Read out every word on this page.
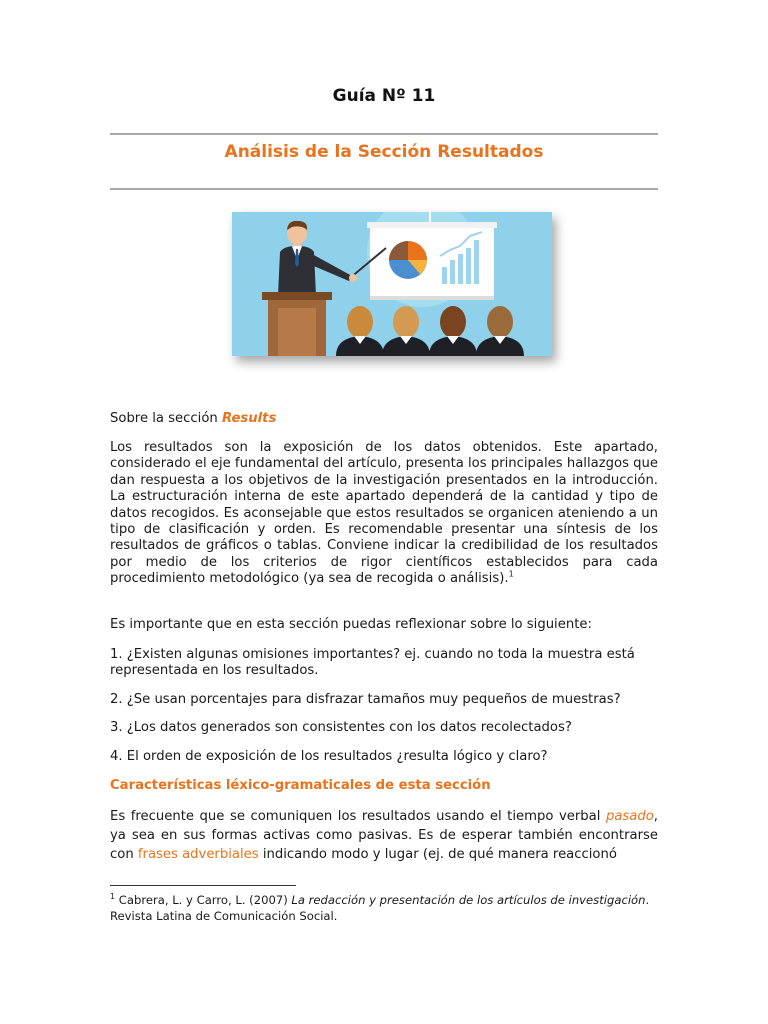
Guía Nº 11
Análisis de la Sección Resultados
Sobre la sección Results
Los resultados son la exposición de los datos obtenidos. Este apartado, considerado el eje fundamental del artículo, presenta los principales hallazgos que dan respuesta a los objetivos de la investigación presentados en la introducción. La estructuración interna de este apartado dependerá de la cantidad y tipo de datos recogidos. Es aconsejable que estos resultados se organicen ateniendo a un tipo de clasificación y orden. Es recomendable presentar una síntesis de los resultados de gráficos o tablas. Conviene indicar la credibilidad de los resultados por medio de los criterios de rigor científicos establecidos para cada procedimiento metodológico (ya sea de recogida o análisis).$^1$
Es importante que en esta sección puedas reflexionar sobre lo siguiente:
1. ¿Existen algunas omisiones importantes? ej. cuando no toda la muestra está representada en los resultados.
2. ¿Se usan porcentajes para disfrazar tamaños muy pequeños de muestras?
3. ¿Los datos generados son consistentes con los datos recolectados?
4. El orden de exposición de los resultados ¿resulta lógico y claro?
Características léxico-gramaticales de esta sección
Es frecuente que se comuniquen los resultados usando el tiempo verbal pasado, ya sea en sus formas activas como pasivas. Es de esperar también encontrarse con frases adverbiales indicando modo y lugar (ej. de qué manera reaccionó
$^1$ Cabrera, L. y Carro, L. (2007) La redacción y presentación de los artículos de investigación. Revista Latina de Comunicación Social.
